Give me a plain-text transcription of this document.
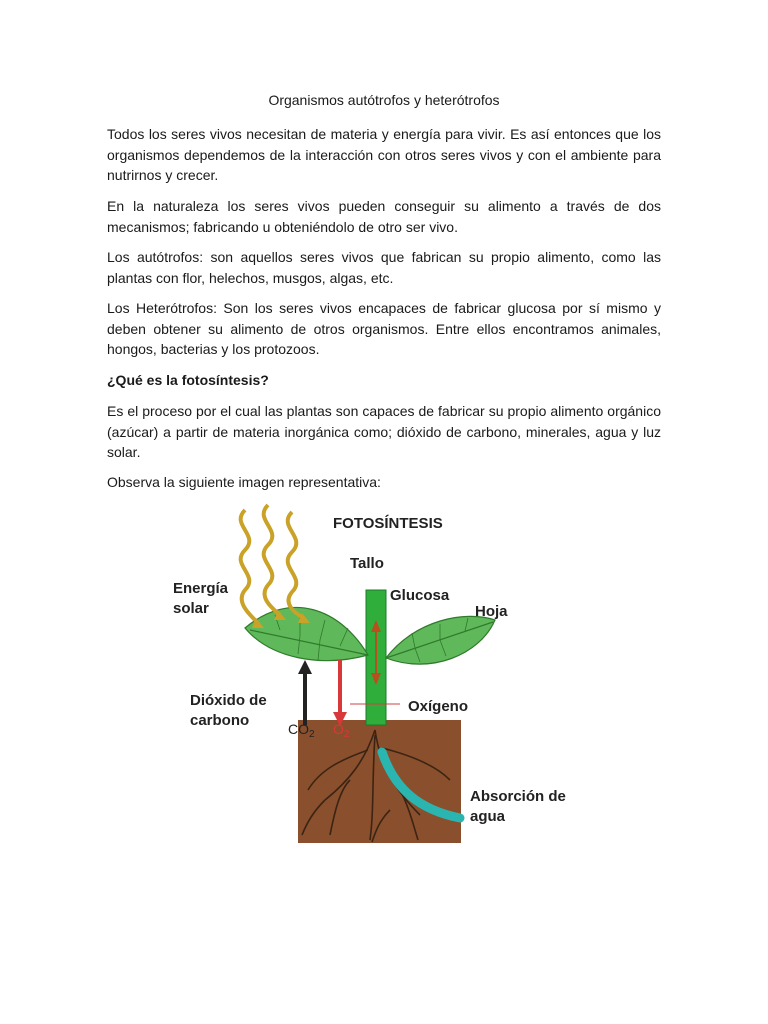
Organismos autótrofos y heterótrofos

Todos los seres vivos necesitan de materia y energía para vivir. Es así entonces que los organismos dependemos de la interacción con otros seres vivos y con el ambiente para nutrirnos y crecer.

En la naturaleza los seres vivos pueden conseguir su alimento a través de dos mecanismos; fabricando u obteniéndolo de otro ser vivo.

Los autótrofos: son aquellos seres vivos que fabrican su propio alimento, como las plantas con flor, helechos, musgos, algas, etc.

Los Heterótrofos: Son los seres vivos encapaces de fabricar glucosa por sí mismo y deben obtener su alimento de otros organismos. Entre ellos encontramos animales, hongos, bacterias y los protozoos.

¿Qué es la fotosíntesis?

Es el proceso por el cual las plantas son capaces de fabricar su propio alimento orgánico (azúcar) a partir de materia inorgánica como; dióxido de carbono, minerales, agua y luz solar.

Observa la siguiente imagen representativa:

FOTOSÍNTESIS
Tallo
Energía
solar
Glucosa
Hoja
Dióxido de
carbono
Oxígeno
Absorción de
agua
$CO_2$ $O_2$
